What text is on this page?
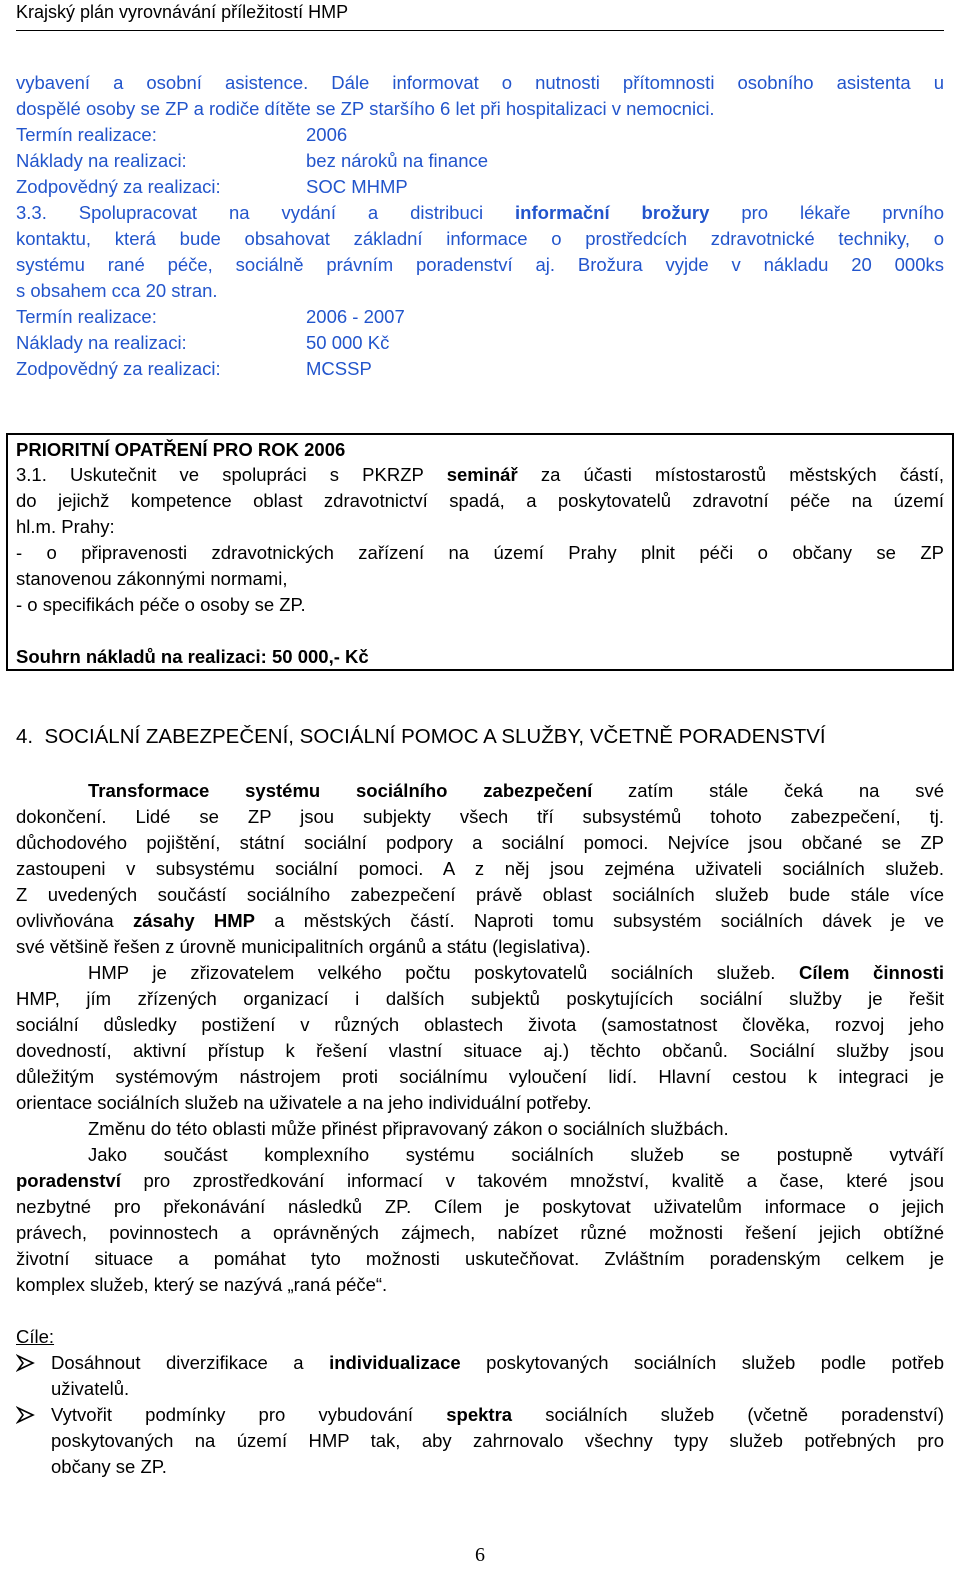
Krajský plán vyrovnávání příležitostí HMP

vybavení a osobní asistence. Dále informovat o nutnosti přítomnosti osobního asistenta u

dospělé osoby se ZP a rodiče dítěte se ZP staršího 6 let při hospitalizaci v nemocnici.

Termín realizace:	2006

Náklady na realizaci:	bez nároků na finance

Zodpovědný za realizaci:	SOC MHMP

3.3. Spolupracovat na vydání a distribuci informační brožury pro lékaře prvního

kontaktu, která bude obsahovat základní informace o prostředcích zdravotnické techniky, o

systému rané péče, sociálně právním poradenství aj. Brožura vyjde v nákladu 20 000ks

s obsahem cca 20 stran.

Termín realizace:	2006 - 2007

Náklady na realizaci:	50 000 Kč

Zodpovědný za realizaci:	MCSSP

PRIORITNÍ OPATŘENÍ PRO ROK 2006

3.1. Uskutečnit ve spolupráci s PKRZP seminář za účasti místostarostů městských částí,

do jejichž kompetence oblast zdravotnictví spadá, a poskytovatelů zdravotní péče na území

hl.m. Prahy:

- o připravenosti zdravotnických zařízení na území Prahy plnit péči o občany se ZP

stanovenou zákonnými normami,

- o specifikách péče o osoby se ZP.

Souhrn nákladů na realizaci: 50 000,- Kč

4. SOCIÁLNÍ ZABEZPEČENÍ, SOCIÁLNÍ POMOC A SLUŽBY, VČETNĚ PORADENSTVÍ

Transformace systému sociálního zabezpečení zatím stále čeká na své

dokončení. Lidé se ZP jsou subjekty všech tří subsystémů tohoto zabezpečení, tj.

důchodového pojištění, státní sociální podpory a sociální pomoci. Nejvíce jsou občané se ZP

zastoupeni v subsystému sociální pomoci. A z něj jsou zejména uživateli sociálních služeb.

Z uvedených součástí sociálního zabezpečení právě oblast sociálních služeb bude stále více

ovlivňována zásahy HMP a městských částí. Naproti tomu subsystém sociálních dávek je ve

své většině řešen z úrovně municipalitních orgánů a státu (legislativa).

HMP je zřizovatelem velkého počtu poskytovatelů sociálních služeb. Cílem činnosti

HMP, jím zřízených organizací i dalších subjektů poskytujících sociální služby je řešit

sociální důsledky postižení v různých oblastech života (samostatnost člověka, rozvoj jeho

dovedností, aktivní přístup k řešení vlastní situace aj.) těchto občanů. Sociální služby jsou

důležitým systémovým nástrojem proti sociálnímu vyloučení lidí. Hlavní cestou k integraci je

orientace sociálních služeb na uživatele a na jeho individuální potřeby.

Změnu do této oblasti může přinést připravovaný zákon o sociálních službách.

Jako součást komplexního systému sociálních služeb se postupně vytváří

poradenství pro zprostředkování informací v takovém množství, kvalitě a čase, které jsou

nezbytné pro překonávání následků ZP. Cílem je poskytovat uživatelům informace o jejich

právech, povinnostech a oprávněných zájmech, nabízet různé možnosti řešení jejich obtížné

životní situace a pomáhat tyto možnosti uskutečňovat. Zvláštním poradenským celkem je

komplex služeb, který se nazývá „raná péče“.

Cíle:

Dosáhnout diverzifikace a individualizace poskytovaných sociálních služeb podle potřeb

uživatelů.

Vytvořit podmínky pro vybudování spektra sociálních služeb (včetně poradenství)

poskytovaných na území HMP tak, aby zahrnovalo všechny typy služeb potřebných pro

občany se ZP.

6
